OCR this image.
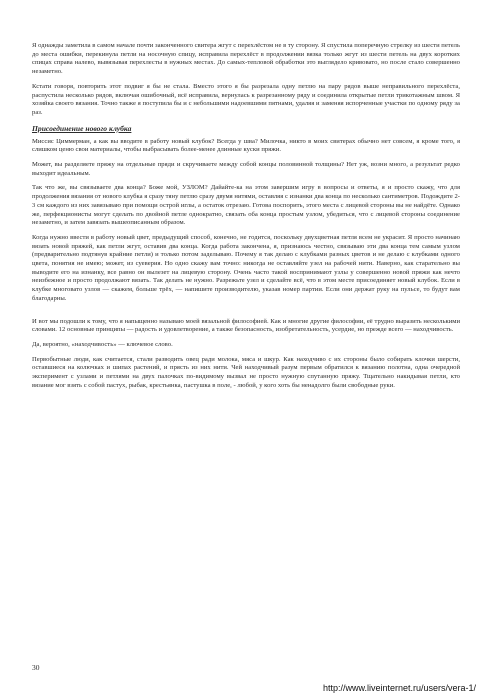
Я однажды заметила в самом начале почти законченного свитера жгут с перехлёстом не в ту сторону. Я спустила поперечную стрелку из шести петель до места ошибки, перекинула петли на носочную спицу, исправила перехлёст в продолжении вязка только жгут из шести петель на двух коротких спицах справа налево, вывязывая перехлесты в нужных местах. До самых-тепловой обработки это выглядело кривовато, но после стало совершенно незаметно.

Кстати говоря, повторить этот подвиг я бы не стала. Вместо этого я бы разрезала одну петлю на пару рядов выше неправильного перехлёста, распустила несколько рядов, включая ошибочный, всё исправила, вернулась к разрезанному ряду и соединила открытые петли трикотажным швом. Я хозяйка своего вязания. Точно также я поступила бы и с небольшими надоевшими пятнами, удаляя и заменяя испорченные участки по одному ряду за раз.

Присоединение нового клубка

Миссис Циммерман, а как вы вводите в работу новый клубок? Всегда у шва? Милочка, никто в моих свитерах обычно нет совсем, я кроме того, я слишком ценю свои материалы, чтобы выбрасывать более-менее длинные куски пряжи.

Может, вы разделяете пряжу на отдельные пряди и скручиваете между собой концы половинной толщины? Нет уж, возни много, а результат редко выходит идеальным.

Так что же, вы связываете два конца? Боже мой, УЗЛОМ? Дайайте-ка на этом завершим игру в вопросы и ответы, я и просто скажу, что для продолжения вязания от нового клубка я сразу тяну петлю сразу двумя нитями, оставляя с изнанки два конца по несколько сантиметров. Подождите 2-3 см каждого из них завязываю при помощи острой иглы, а остаток отрезаю. Готова поспорить, этого места с лицевой стороны вы не найдёте. Однако же, перфекционисты могут сделать по двойной петле однократно, связать оба конца простым узлом, убедиться, что с лицевой стороны соединение незаметно, и затем завязать вышеописанным образом.

Когда нужно ввести в работу новый цвет, предыдущий способ, конечно, не годится, поскольку двухцветная петля всем не украсит. Я просто начинаю вязать новой пряжей, как петли жгут, оставив два конца. Когда работа закончена, я, признаюсь честно, связываю эти два конца тем самым узлом (предварительно подтянув крайние петли) и только потом заделываю. Почему я так делаю с клубками разных цветов и не делаю с клубками одного цвета, понятия не имею; может, из суеверия. Но одно скажу вам точно: никогда не оставляйте узел на рабочей нити. Наверно, как старательно вы выводите его на изнанку, все равно он вылезет на лицевую сторону. Очень часто такой воспринимают узлы у совершенно новой пряжи как нечто неизбежное и просто продолжают вязать. Так делать не нужно. Разрежьте узел и сделайте всё, что в этом месте присоединяет новый клубок. Если в клубке многовато узлов — скажем, больше трёх, — напишите производителю, указав номер партии. Если они держат руку на пульсе, то будут вам благодарны.

И вот мы подошли к тому, что я напыщенно называю моей вязальной философией. Как и многие другие философии, её трудно выразить несколькими словами. 12 основные принципы — радость и удовлетворение, а также безопасность, изобретательность, усердие, но прежде всего — находчивость.

Да, вероятно, «находчивость» — ключевое слово.

Первобытные люди, как считается, стали разводить овец ради молока, мяса и шкур. Как находчиво с их стороны было собирать клочки шерсти, оставшиеся на колючках и шипах растений, и прясть из них нити. Чей находчивый разум первым обратился к вязанию полотна, одна очередной эксперимент с узлами и петлями на двух палочках по-видимому вызвал не просто нужную спутанную пряжу. Тщательно накидывая петли, кто вязание мог взять с собой пастух, рыбак, крестьянка, пастушка в поле, - любой, у кого хоть бы ненадолго были свободные руки.

30
http://www.liveinternet.ru/users/vera-1/
